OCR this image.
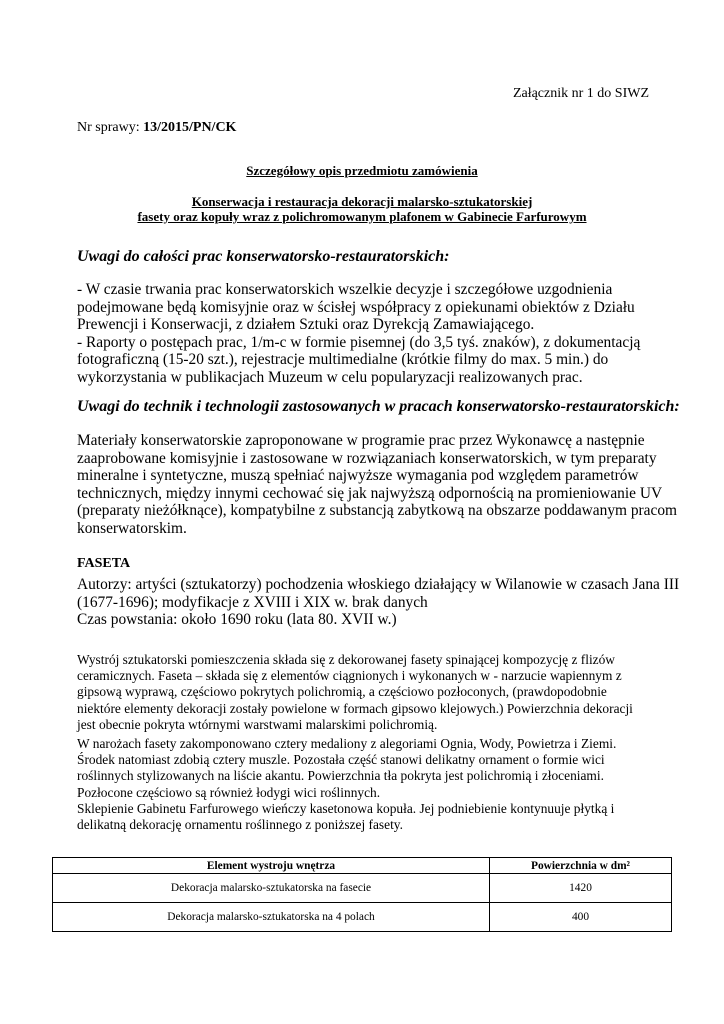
Załącznik nr 1 do SIWZ
Nr sprawy: 13/2015/PN/CK
Szczegółowy opis przedmiotu zamówienia
Konserwacja i restauracja dekoracji malarsko-sztukatorskiej
fasety oraz kopuły wraz z polichromowanym plafonem w Gabinecie Farfurowym
Uwagi do całości prac konserwatorsko-restauratorskich:
- W czasie trwania prac konserwatorskich wszelkie decyzje i szczegółowe uzgodnienia
podejmowane będą komisyjnie oraz w ścisłej współpracy z opiekunami obiektów z Działu
Prewencji i Konserwacji, z działem Sztuki oraz Dyrekcją Zamawiającego.
- Raporty o postępach prac, 1/m-c w formie pisemnej (do 3,5 tyś. znaków), z dokumentacją
fotograficzną (15-20 szt.), rejestracje multimedialne (krótkie filmy do max. 5 min.) do
wykorzystania w publikacjach Muzeum w celu popularyzacji realizowanych prac.
Uwagi do technik i technologii zastosowanych w pracach konserwatorsko-restauratorskich:
Materiały konserwatorskie zaproponowane w programie prac przez Wykonawcę a następnie
zaaprobowane komisyjnie i zastosowane w rozwiązaniach konserwatorskich, w tym preparaty
mineralne i syntetyczne, muszą spełniać najwyższe wymagania pod względem parametrów
technicznych, między innymi cechować się jak najwyższą odpornością na promieniowanie UV
(preparaty nieżółknące), kompatybilne z substancją zabytkową na obszarze poddawanym pracom
konserwatorskim.
FASETA
Autorzy: artyści (sztukatorzy) pochodzenia włoskiego działający w Wilanowie w czasach Jana III
(1677-1696); modyfikacje z XVIII i XIX w. brak danych
Czas powstania: około 1690 roku (lata 80. XVII w.)
Wystrój sztukatorski pomieszczenia składa się z dekorowanej fasety spinającej kompozycję z flizów
ceramicznych. Faseta – składa się z elementów ciągnionych i wykonanych w - narzucie wapiennym z
gipsową wyprawą, częściowo pokrytych polichromią, a częściowo pozłoconych, (prawdopodobnie
niektóre elementy dekoracji zostały powielone w formach gipsowo klejowych.) Powierzchnia dekoracji
jest obecnie pokryta wtórnymi warstwami malarskimi polichromią.
W narożach fasety zakomponowano cztery medaliony z alegoriami Ognia, Wody, Powietrza i Ziemi.
Środek natomiast zdobią cztery muszle. Pozostała część stanowi delikatny ornament o formie wici
roślinnych stylizowanych na liście akantu. Powierzchnia tła pokryta jest polichromią i złoceniami.
Pozłocone częściowo są również łodygi wici roślinnych.
Sklepienie Gabinetu Farfurowego wieńczy kasetonowa kopuła. Jej podniebienie kontynuuje płytką i
delikatną dekorację ornamentu roślinnego z poniższej fasety.
Element wystroju wnętrza	Powierzchnia w dm²
Dekoracja malarsko-sztukatorska na fasecie	1420
Dekoracja malarsko-sztukatorska na 4 polach	400
